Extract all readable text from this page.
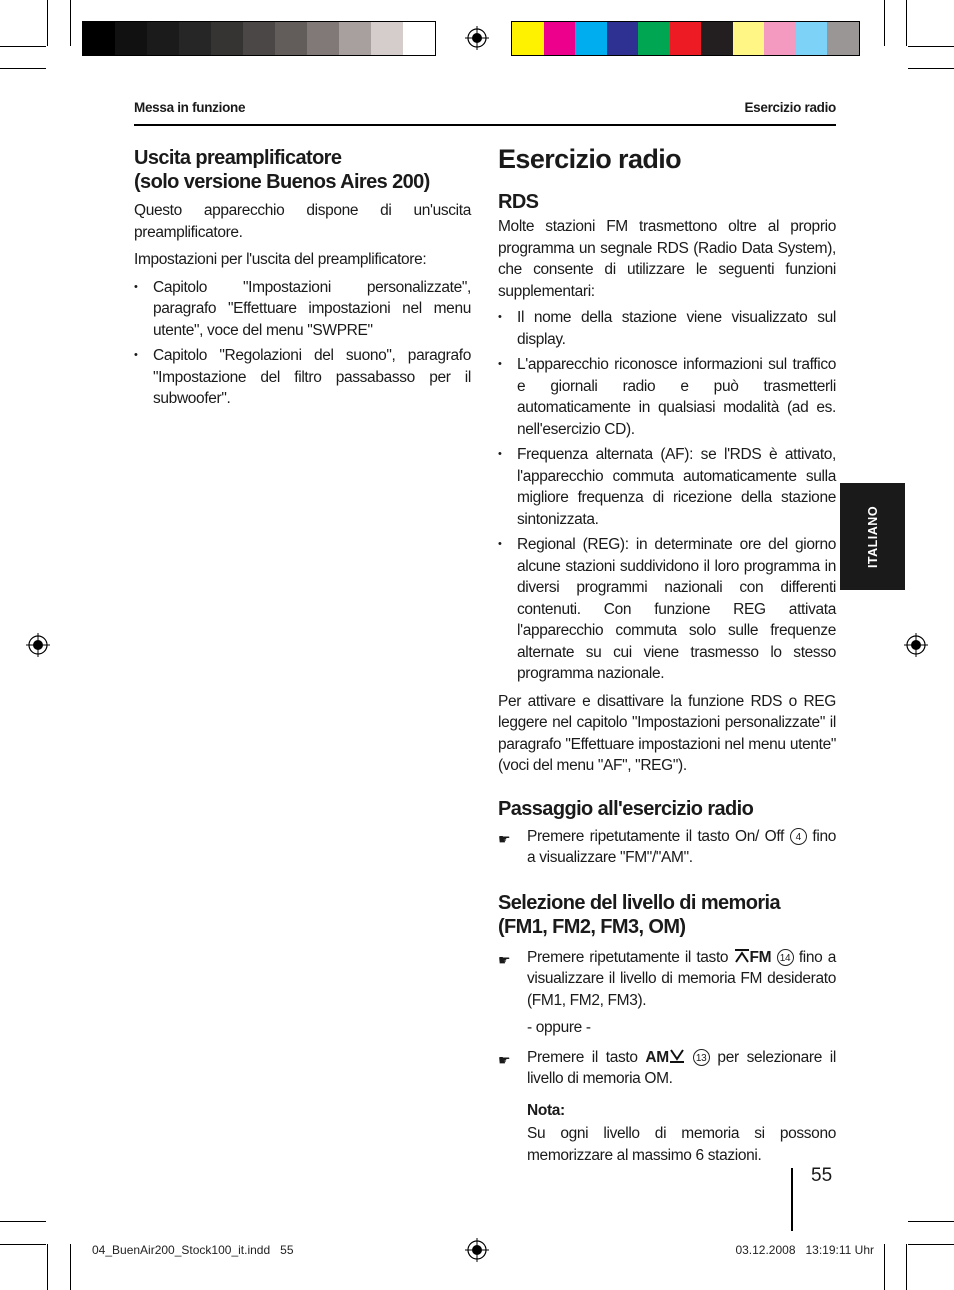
Messa in funzione	Esercizio radio
Uscita preamplificatore
(solo versione Buenos Aires 200)

Questo apparecchio dispone di un'uscita preamplificatore.

Impostazioni per l'uscita del preamplificatore:

• Capitolo "Impostazioni personalizzate", paragrafo "Effettuare impostazioni nel menu utente", voce del menu "SWPRE"
• Capitolo "Regolazioni del suono", paragrafo "Impostazione del filtro passabasso per il subwoofer".
Esercizio radio
RDS

Molte stazioni FM trasmettono oltre al proprio programma un segnale RDS (Radio Data System), che consente di utilizzare le seguenti funzioni supplementari:

• Il nome della stazione viene visualizzato sul display.
• L'apparecchio riconosce informazioni sul traffico e giornali radio e può trasmetterli automaticamente in qualsiasi modalità (ad es. nell'esercizio CD).
• Frequenza alternata (AF): se l'RDS è attivato, l'apparecchio commuta automaticamente sulla migliore frequenza di ricezione della stazione sintonizzata.
• Regional (REG): in determinate ore del giorno alcune stazioni suddividono il loro programma in diversi programmi nazionali con differenti contenuti. Con funzione REG attivata l'apparecchio commuta solo sulle frequenze alternate su cui viene trasmesso lo stesso programma nazionale.

Per attivare e disattivare la funzione RDS o REG leggere nel capitolo "Impostazioni personalizzate" il paragrafo "Effettuare impostazioni nel menu utente" (voci del menu "AF", "REG").

Passaggio all'esercizio radio
☛ Premere ripetutamente il tasto On/ Off 4 fino a visualizzare "FM"/"AM".
Selezione del livello di memoria
(FM1, FM2, FM3, OM)
☛ Premere ripetutamente il tasto FM 14 fino a visualizzare il livello di memoria FM desiderato (FM1, FM2, FM3).
- oppure -
☛ Premere il tasto AM	13 per selezionare il livello di memoria OM.
Nota:

Su ogni livello di memoria si possono memorizzare al massimo 6 stazioni.

ITALIANO
55
04_BuenAir200_Stock100_it.indd   55	03.12.2008   13:19:11 Uhr
